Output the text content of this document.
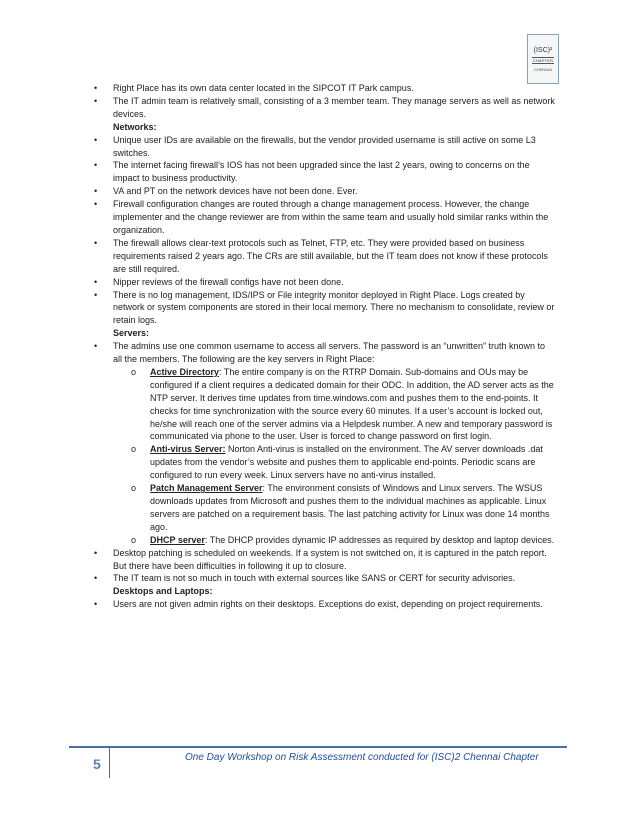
(ISC)²
CHAPTER
CHENNAI
• Right Place has its own data center located in the SIPCOT IT Park campus.
• The IT admin team is relatively small, consisting of a 3 member team. They manage servers as well as network devices.
Networks:
• Unique user IDs are available on the firewalls, but the vendor provided username is still active on some L3 switches.
• The internet facing firewall’s IOS has not been upgraded since the last 2 years, owing to concerns on the impact to business productivity.
• VA and PT on the network devices have not been done. Ever.
• Firewall configuration changes are routed through a change management process. However, the change implementer and the change reviewer are from within the same team and usually hold similar ranks within the organization.
• The firewall allows clear-text protocols such as Telnet, FTP, etc. They were provided based on business requirements raised 2 years ago. The CRs are still available, but the IT team does not know if these protocols are still required.
• Nipper reviews of the firewall configs have not been done.
• There is no log management, IDS/IPS or File integrity monitor deployed in Right Place. Logs created by network or system components are stored in their local memory. There no mechanism to consolidate, review or retain logs.
Servers:
• The admins use one common username to access all servers. The password is an “unwritten” truth known to all the members. The following are the key servers in Right Place:
o Active Directory: The entire company is on the RTRP Domain. Sub-domains and OUs may be configured if a client requires a dedicated domain for their ODC. In addition, the AD server acts as the NTP server. It derives time updates from time.windows.com and pushes them to the end-points. It checks for time synchronization with the source every 60 minutes. If a user’s account is locked out, he/she will reach one of the server admins via a Helpdesk number. A new and temporary password is communicated via phone to the user. User is forced to change password on first login.
o Anti-virus Server: Norton Anti-virus is installed on the environment. The AV server downloads .dat updates from the vendor’s website and pushes them to applicable end-points. Periodic scans are configured to run every week. Linux servers have no anti-virus installed.
o Patch Management Server: The environment consists of Windows and Linux servers. The WSUS downloads updates from Microsoft and pushes them to the individual machines as applicable. Linux servers are patched on a requirement basis. The last patching activity for Linux was done 14 months ago.
o DHCP server: The DHCP provides dynamic IP addresses as required by desktop and laptop devices.
• Desktop patching is scheduled on weekends. If a system is not switched on, it is captured in the patch report. But there have been difficulties in following it up to closure.
• The IT team is not so much in touch with external sources like SANS or CERT for security advisories.
Desktops and Laptops:
• Users are not given admin rights on their desktops. Exceptions do exist, depending on project requirements.
5	One Day Workshop on Risk Assessment conducted for (ISC)2 Chennai Chapter
